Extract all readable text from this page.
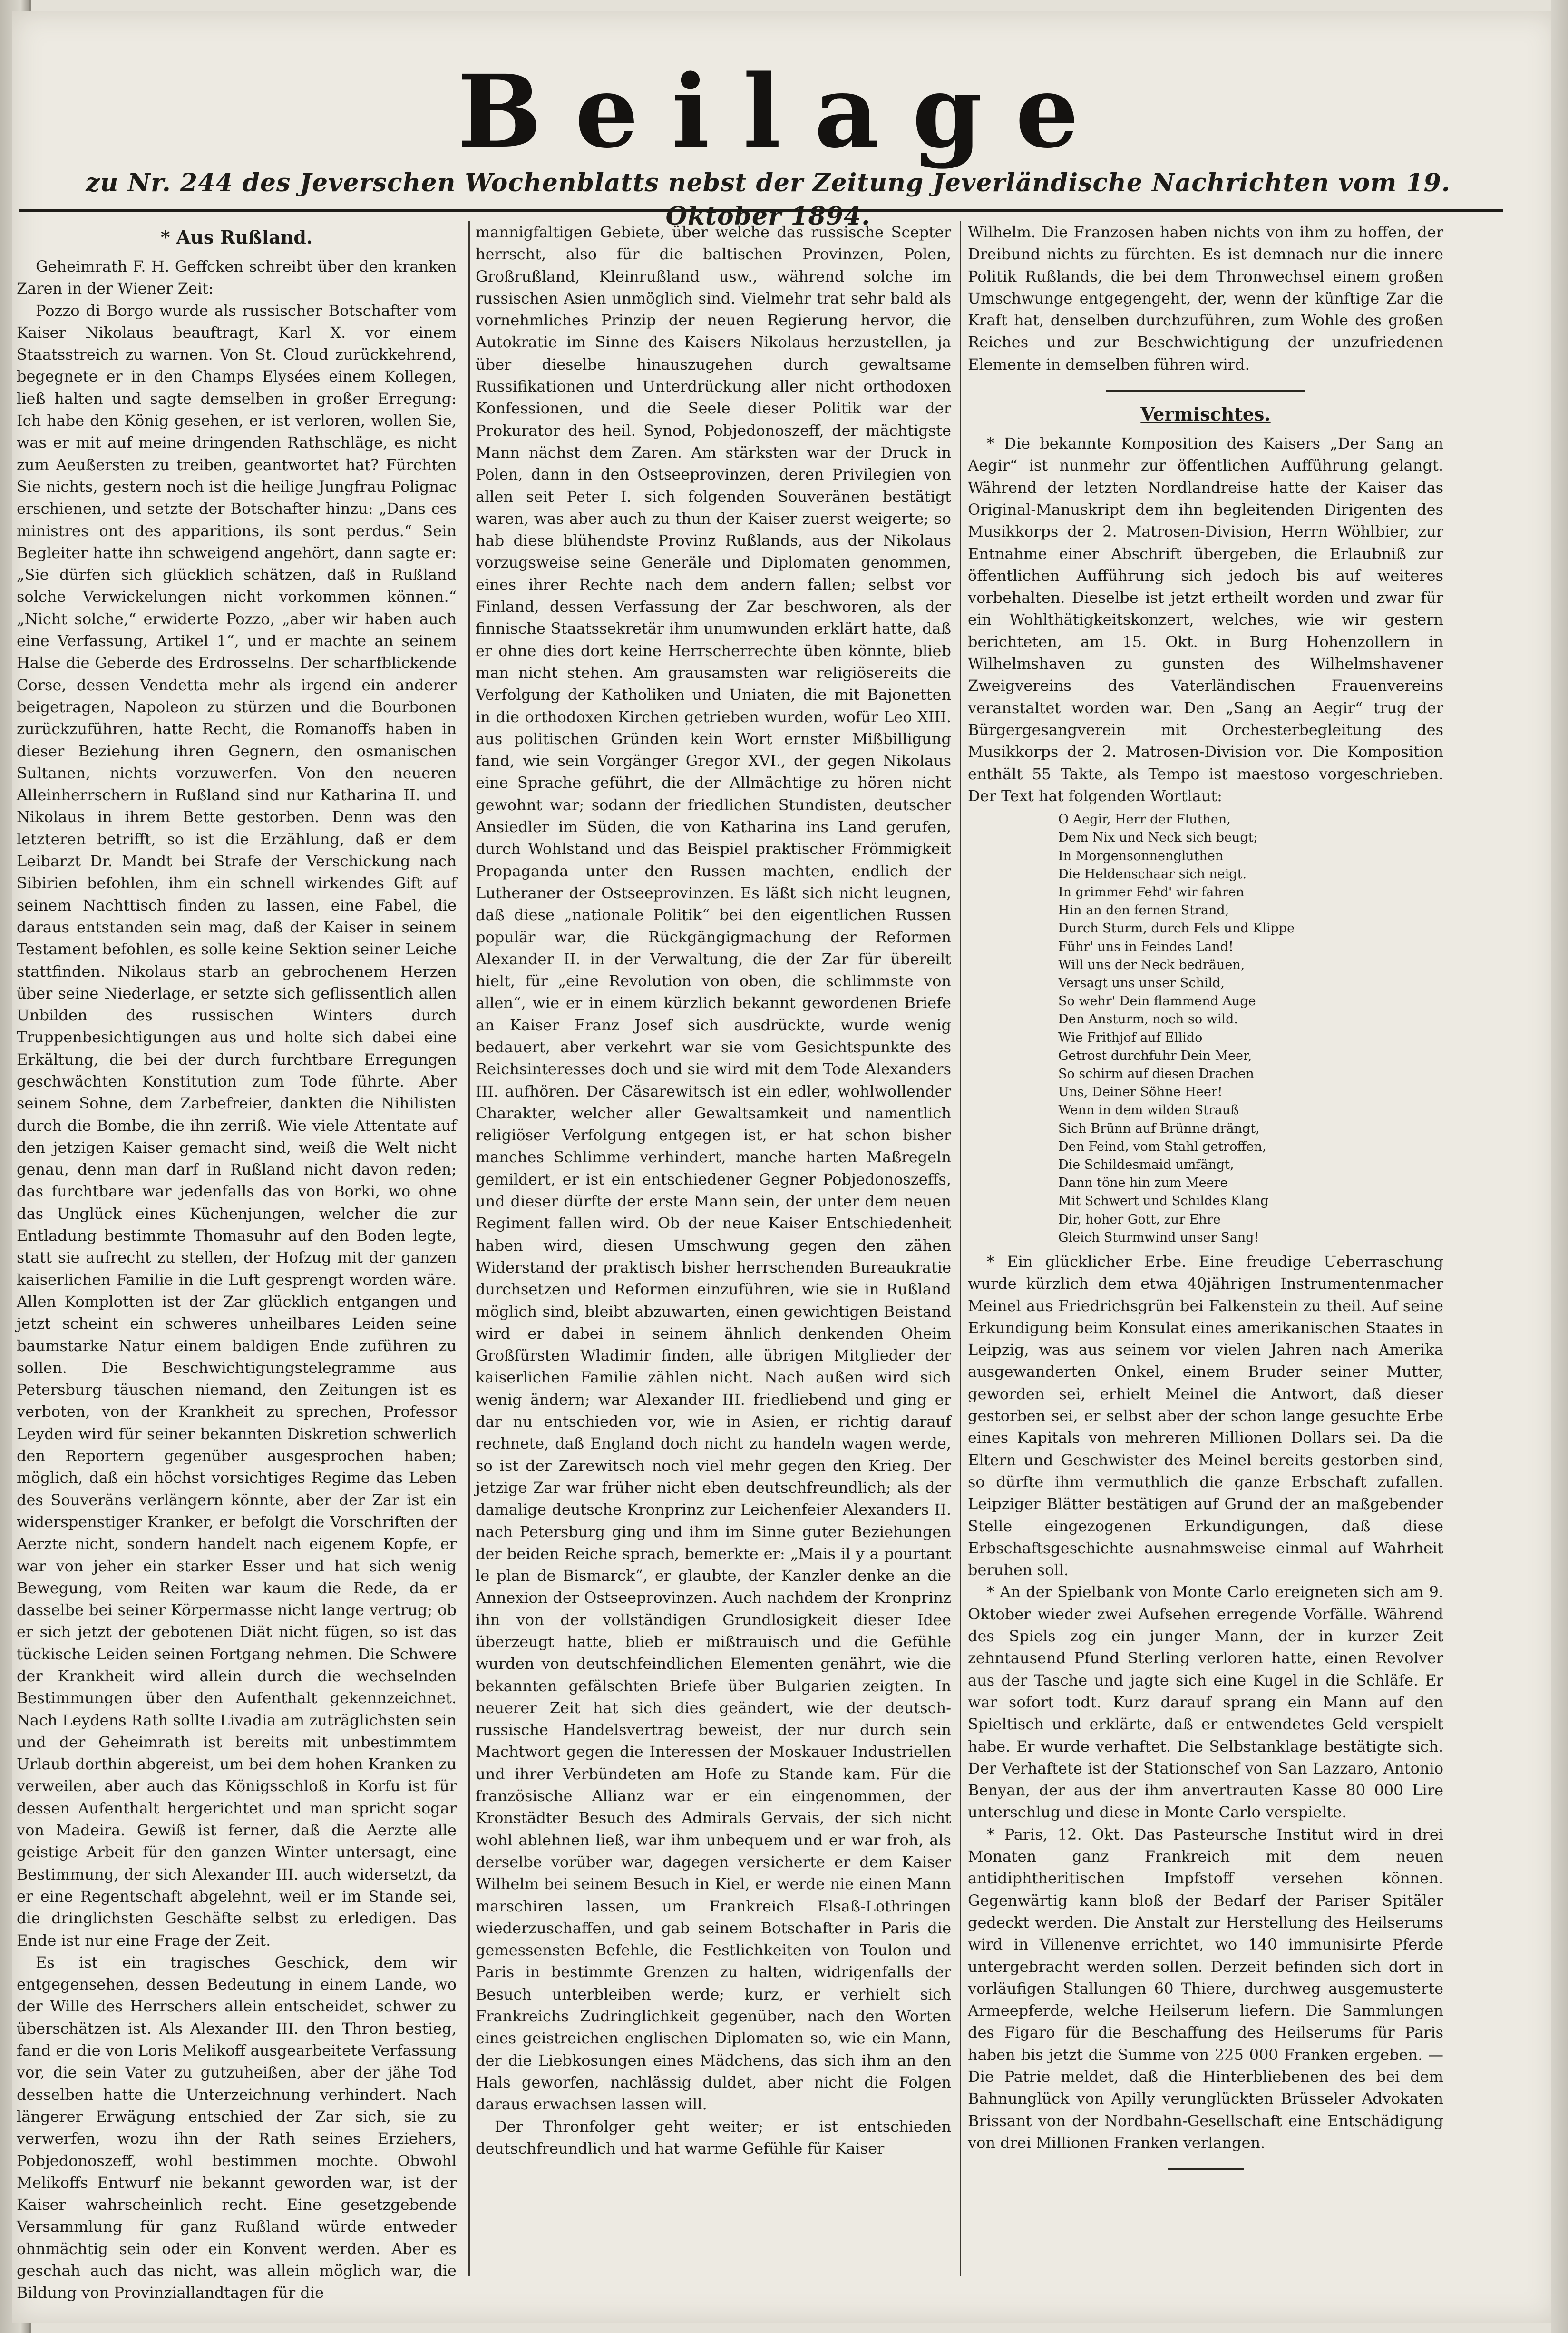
Beilage
zu Nr. 244 des Jeverschen Wochenblatts nebst der Zeitung Jeverländische Nachrichten vom 19. Oktober 1894.
* Aus Rußland.

Geheimrath F. H. Geffcken schreibt über den kranken Zaren in der Wiener Zeit:

Pozzo di Borgo wurde als russischer Botschafter vom Kaiser Nikolaus beauftragt, Karl X. vor einem Staatsstreich zu warnen. Von St. Cloud zurückkehrend, begegnete er in den Champs Elysées einem Kollegen, ließ halten und sagte demselben in großer Erregung: Ich habe den König gesehen, er ist verloren, wollen Sie, was er mit auf meine dringenden Rathschläge, es nicht zum Aeußersten zu treiben, geantwortet hat? Fürchten Sie nichts, gestern noch ist die heilige Jungfrau Polignac erschienen, und setzte der Botschafter hinzu: „Dans ces ministres ont des apparitions, ils sont perdus.“ Sein Begleiter hatte ihn schweigend angehört, dann sagte er: „Sie dürfen sich glücklich schätzen, daß in Rußland solche Verwickelungen nicht vorkommen können.“ „Nicht solche,“ erwiderte Pozzo, „aber wir haben auch eine Verfassung, Artikel 1“, und er machte an seinem Halse die Geberde des Erdrosselns. Der scharfblickende Corse, dessen Vendetta mehr als irgend ein anderer beigetragen, Napoleon zu stürzen und die Bourbonen zurückzuführen, hatte Recht, die Romanoffs haben in dieser Beziehung ihren Gegnern, den osmanischen Sultanen, nichts vorzuwerfen. Von den neueren Alleinherrschern in Rußland sind nur Katharina II. und Nikolaus in ihrem Bette gestorben. Denn was den letzteren betrifft, so ist die Erzählung, daß er dem Leibarzt Dr. Mandt bei Strafe der Verschickung nach Sibirien befohlen, ihm ein schnell wirkendes Gift auf seinem Nachttisch finden zu lassen, eine Fabel, die daraus entstanden sein mag, daß der Kaiser in seinem Testament befohlen, es solle keine Sektion seiner Leiche stattfinden. Nikolaus starb an gebrochenem Herzen über seine Niederlage, er setzte sich geflissentlich allen Unbilden des russischen Winters durch Truppenbesichtigungen aus und holte sich dabei eine Erkältung, die bei der durch furchtbare Erregungen geschwächten Konstitution zum Tode führte. Aber seinem Sohne, dem Zarbefreier, dankten die Nihilisten durch die Bombe, die ihn zerriß. Wie viele Attentate auf den jetzigen Kaiser gemacht sind, weiß die Welt nicht genau, denn man darf in Rußland nicht davon reden; das furchtbare war jedenfalls das von Borki, wo ohne das Unglück eines Küchenjungen, welcher die zur Entladung bestimmte Thomasuhr auf den Boden legte, statt sie aufrecht zu stellen, der Hofzug mit der ganzen kaiserlichen Familie in die Luft gesprengt worden wäre. Allen Komplotten ist der Zar glücklich entgangen und jetzt scheint ein schweres unheilbares Leiden seine baumstarke Natur einem baldigen Ende zuführen zu sollen. Die Beschwichtigungstelegramme aus Petersburg täuschen niemand, den Zeitungen ist es verboten, von der Krankheit zu sprechen, Professor Leyden wird für seiner bekannten Diskretion schwerlich den Reportern gegenüber ausgesprochen haben; möglich, daß ein höchst vorsichtiges Regime das Leben des Souveräns verlängern könnte, aber der Zar ist ein widerspenstiger Kranker, er befolgt die Vorschriften der Aerzte nicht, sondern handelt nach eigenem Kopfe, er war von jeher ein starker Esser und hat sich wenig Bewegung, vom Reiten war kaum die Rede, da er dasselbe bei seiner Körpermasse nicht lange vertrug; ob er sich jetzt der gebotenen Diät nicht fügen, so ist das tückische Leiden seinen Fortgang nehmen. Die Schwere der Krankheit wird allein durch die wechselnden Bestimmungen über den Aufenthalt gekennzeichnet. Nach Leydens Rath sollte Livadia am zuträglichsten sein und der Geheimrath ist bereits mit unbestimmtem Urlaub dorthin abgereist, um bei dem hohen Kranken zu verweilen, aber auch das Königsschloß in Korfu ist für dessen Aufenthalt hergerichtet und man spricht sogar von Madeira. Gewiß ist ferner, daß die Aerzte alle geistige Arbeit für den ganzen Winter untersagt, eine Bestimmung, der sich Alexander III. auch widersetzt, da er eine Regentschaft abgelehnt, weil er im Stande sei, die dringlichsten Geschäfte selbst zu erledigen. Das Ende ist nur eine Frage der Zeit.

Es ist ein tragisches Geschick, dem wir entgegensehen, dessen Bedeutung in einem Lande, wo der Wille des Herrschers allein entscheidet, schwer zu überschätzen ist. Als Alexander III. den Thron bestieg, fand er die von Loris Melikoff ausgearbeitete Verfassung vor, die sein Vater zu gutzuheißen, aber der jähe Tod desselben hatte die Unterzeichnung verhindert. Nach längerer Erwägung entschied der Zar sich, sie zu verwerfen, wozu ihn der Rath seines Erziehers, Pobjedonoszeff, wohl bestimmen mochte. Obwohl Melikoffs Entwurf nie bekannt geworden war, ist der Kaiser wahrscheinlich recht. Eine gesetzgebende Versammlung für ganz Rußland würde entweder ohnmächtig sein oder ein Konvent werden. Aber es geschah auch das nicht, was allein möglich war, die Bildung von Provinziallandtagen für die

mannigfaltigen Gebiete, über welche das russische Scepter herrscht, also für die baltischen Provinzen, Polen, Großrußland, Kleinrußland usw., während solche im russischen Asien unmöglich sind. Vielmehr trat sehr bald als vornehmliches Prinzip der neuen Regierung hervor, die Autokratie im Sinne des Kaisers Nikolaus herzustellen, ja über dieselbe hinauszugehen durch gewaltsame Russifikationen und Unterdrückung aller nicht orthodoxen Konfessionen, und die Seele dieser Politik war der Prokurator des heil. Synod, Pobjedonoszeff, der mächtigste Mann nächst dem Zaren. Am stärksten war der Druck in Polen, dann in den Ostseeprovinzen, deren Privilegien von allen seit Peter I. sich folgenden Souveränen bestätigt waren, was aber auch zu thun der Kaiser zuerst weigerte; so hab diese blühendste Provinz Rußlands, aus der Nikolaus vorzugsweise seine Generäle und Diplomaten genommen, eines ihrer Rechte nach dem andern fallen; selbst vor Finland, dessen Verfassung der Zar beschworen, als der finnische Staatssekretär ihm unumwunden erklärt hatte, daß er ohne dies dort keine Herrscherrechte üben könnte, blieb man nicht stehen. Am grausamsten war religiösereits die Verfolgung der Katholiken und Uniaten, die mit Bajonetten in die orthodoxen Kirchen getrieben wurden, wofür Leo XIII. aus politischen Gründen kein Wort ernster Mißbilligung fand, wie sein Vorgänger Gregor XVI., der gegen Nikolaus eine Sprache geführt, die der Allmächtige zu hören nicht gewohnt war; sodann der friedlichen Stundisten, deutscher Ansiedler im Süden, die von Katharina ins Land gerufen, durch Wohlstand und das Beispiel praktischer Frömmigkeit Propaganda unter den Russen machten, endlich der Lutheraner der Ostseeprovinzen. Es läßt sich nicht leugnen, daß diese „nationale Politik“ bei den eigentlichen Russen populär war, die Rückgängigmachung der Reformen Alexander II. in der Verwaltung, die der Zar für übereilt hielt, für „eine Revolution von oben, die schlimmste von allen“, wie er in einem kürzlich bekannt gewordenen Briefe an Kaiser Franz Josef sich ausdrückte, wurde wenig bedauert, aber verkehrt war sie vom Gesichtspunkte des Reichsinteresses doch und sie wird mit dem Tode Alexanders III. aufhören. Der Cäsarewitsch ist ein edler, wohlwollender Charakter, welcher aller Gewaltsamkeit und namentlich religiöser Verfolgung entgegen ist, er hat schon bisher manches Schlimme verhindert, manche harten Maßregeln gemildert, er ist ein entschiedener Gegner Pobjedonoszeffs, und dieser dürfte der erste Mann sein, der unter dem neuen Regiment fallen wird. Ob der neue Kaiser Entschiedenheit haben wird, diesen Umschwung gegen den zähen Widerstand der praktisch bisher herrschenden Bureaukratie durchsetzen und Reformen einzuführen, wie sie in Rußland möglich sind, bleibt abzuwarten, einen gewichtigen Beistand wird er dabei in seinem ähnlich denkenden Oheim Großfürsten Wladimir finden, alle übrigen Mitglieder der kaiserlichen Familie zählen nicht. Nach außen wird sich wenig ändern; war Alexander III. friedliebend und ging er dar nu entschieden vor, wie in Asien, er richtig darauf rechnete, daß England doch nicht zu handeln wagen werde, so ist der Zarewitsch noch viel mehr gegen den Krieg. Der jetzige Zar war früher nicht eben deutschfreundlich; als der damalige deutsche Kronprinz zur Leichenfeier Alexanders II. nach Petersburg ging und ihm im Sinne guter Beziehungen der beiden Reiche sprach, bemerkte er: „Mais il y a pourtant le plan de Bismarck“, er glaubte, der Kanzler denke an die Annexion der Ostseeprovinzen. Auch nachdem der Kronprinz ihn von der vollständigen Grundlosigkeit dieser Idee überzeugt hatte, blieb er mißtrauisch und die Gefühle wurden von deutschfeindlichen Elementen genährt, wie die bekannten gefälschten Briefe über Bulgarien zeigten. In neuerer Zeit hat sich dies geändert, wie der deutsch-russische Handelsvertrag beweist, der nur durch sein Machtwort gegen die Interessen der Moskauer Industriellen und ihrer Verbündeten am Hofe zu Stande kam. Für die französische Allianz war er ein eingenommen, der Kronstädter Besuch des Admirals Gervais, der sich nicht wohl ablehnen ließ, war ihm unbequem und er war froh, als derselbe vorüber war, dagegen versicherte er dem Kaiser Wilhelm bei seinem Besuch in Kiel, er werde nie einen Mann marschiren lassen, um Frankreich Elsaß-Lothringen wiederzuschaffen, und gab seinem Botschafter in Paris die gemessensten Befehle, die Festlichkeiten von Toulon und Paris in bestimmte Grenzen zu halten, widrigenfalls der Besuch unterbleiben werde; kurz, er verhielt sich Frankreichs Zudringlichkeit gegenüber, nach den Worten eines geistreichen englischen Diplomaten so, wie ein Mann, der die Liebkosungen eines Mädchens, das sich ihm an den Hals geworfen, nachlässig duldet, aber nicht die Folgen daraus erwachsen lassen will.

Der Thronfolger geht weiter; er ist entschieden deutschfreundlich und hat warme Gefühle für Kaiser

Wilhelm. Die Franzosen haben nichts von ihm zu hoffen, der Dreibund nichts zu fürchten. Es ist demnach nur die innere Politik Rußlands, die bei dem Thronwechsel einem großen Umschwunge entgegengeht, der, wenn der künftige Zar die Kraft hat, denselben durchzuführen, zum Wohle des großen Reiches und zur Beschwichtigung der unzufriedenen Elemente in demselben führen wird.

Vermischtes.

* Die bekannte Komposition des Kaisers „Der Sang an Aegir“ ist nunmehr zur öffentlichen Aufführung gelangt. Während der letzten Nordlandreise hatte der Kaiser das Original-Manuskript dem ihn begleitenden Dirigenten des Musikkorps der 2. Matrosen-Division, Herrn Wöhlbier, zur Entnahme einer Abschrift übergeben, die Erlaubniß zur öffentlichen Aufführung sich jedoch bis auf weiteres vorbehalten. Dieselbe ist jetzt ertheilt worden und zwar für ein Wohlthätigkeitskonzert, welches, wie wir gestern berichteten, am 15. Okt. in Burg Hohenzollern in Wilhelmshaven zu gunsten des Wilhelmshavener Zweigvereins des Vaterländischen Frauenvereins veranstaltet worden war. Den „Sang an Aegir“ trug der Bürgergesangverein mit Orchesterbegleitung des Musikkorps der 2. Matrosen-Division vor. Die Komposition enthält 55 Takte, als Tempo ist maestoso vorgeschrieben. Der Text hat folgenden Wortlaut:

O Aegir, Herr der Fluthen,
Dem Nix und Neck sich beugt;
In Morgensonnengluthen
Die Heldenschaar sich neigt.
In grimmer Fehd' wir fahren
Hin an den fernen Strand,
Durch Sturm, durch Fels und Klippe
Führ' uns in Feindes Land!
Will uns der Neck bedräuen,
Versagt uns unser Schild,
So wehr' Dein flammend Auge
Den Ansturm, noch so wild.
Wie Frithjof auf Ellido
Getrost durchfuhr Dein Meer,
So schirm auf diesen Drachen
Uns, Deiner Söhne Heer!
Wenn in dem wilden Strauß
Sich Brünn auf Brünne drängt,
Den Feind, vom Stahl getroffen,
Die Schildesmaid umfängt,
Dann töne hin zum Meere
Mit Schwert und Schildes Klang
Dir, hoher Gott, zur Ehre
Gleich Sturmwind unser Sang!

* Ein glücklicher Erbe. Eine freudige Ueberraschung wurde kürzlich dem etwa 40jährigen Instrumentenmacher Meinel aus Friedrichsgrün bei Falkenstein zu theil. Auf seine Erkundigung beim Konsulat eines amerikanischen Staates in Leipzig, was aus seinem vor vielen Jahren nach Amerika ausgewanderten Onkel, einem Bruder seiner Mutter, geworden sei, erhielt Meinel die Antwort, daß dieser gestorben sei, er selbst aber der schon lange gesuchte Erbe eines Kapitals von mehreren Millionen Dollars sei. Da die Eltern und Geschwister des Meinel bereits gestorben sind, so dürfte ihm vermuthlich die ganze Erbschaft zufallen. Leipziger Blätter bestätigen auf Grund der an maßgebender Stelle eingezogenen Erkundigungen, daß diese Erbschaftsgeschichte ausnahmsweise einmal auf Wahrheit beruhen soll.

* An der Spielbank von Monte Carlo ereigneten sich am 9. Oktober wieder zwei Aufsehen erregende Vorfälle. Während des Spiels zog ein junger Mann, der in kurzer Zeit zehntausend Pfund Sterling verloren hatte, einen Revolver aus der Tasche und jagte sich eine Kugel in die Schläfe. Er war sofort todt. Kurz darauf sprang ein Mann auf den Spieltisch und erklärte, daß er entwendetes Geld verspielt habe. Er wurde verhaftet. Die Selbstanklage bestätigte sich. Der Verhaftete ist der Stationschef von San Lazzaro, Antonio Benyan, der aus der ihm anvertrauten Kasse 80 000 Lire unterschlug und diese in Monte Carlo verspielte.

* Paris, 12. Okt. Das Pasteursche Institut wird in drei Monaten ganz Frankreich mit dem neuen antidiphtheritischen Impfstoff versehen können. Gegenwärtig kann bloß der Bedarf der Pariser Spitäler gedeckt werden. Die Anstalt zur Herstellung des Heilserums wird in Villenenve errichtet, wo 140 immunisirte Pferde untergebracht werden sollen. Derzeit befinden sich dort in vorläufigen Stallungen 60 Thiere, durchweg ausgemusterte Armeepferde, welche Heilserum liefern. Die Sammlungen des Figaro für die Beschaffung des Heilserums für Paris haben bis jetzt die Summe von 225 000 Franken ergeben. — Die Patrie meldet, daß die Hinterbliebenen des bei dem Bahnunglück von Apilly verunglückten Brüsseler Advokaten Brissant von der Nordbahn-Gesellschaft eine Entschädigung von drei Millionen Franken verlangen.
